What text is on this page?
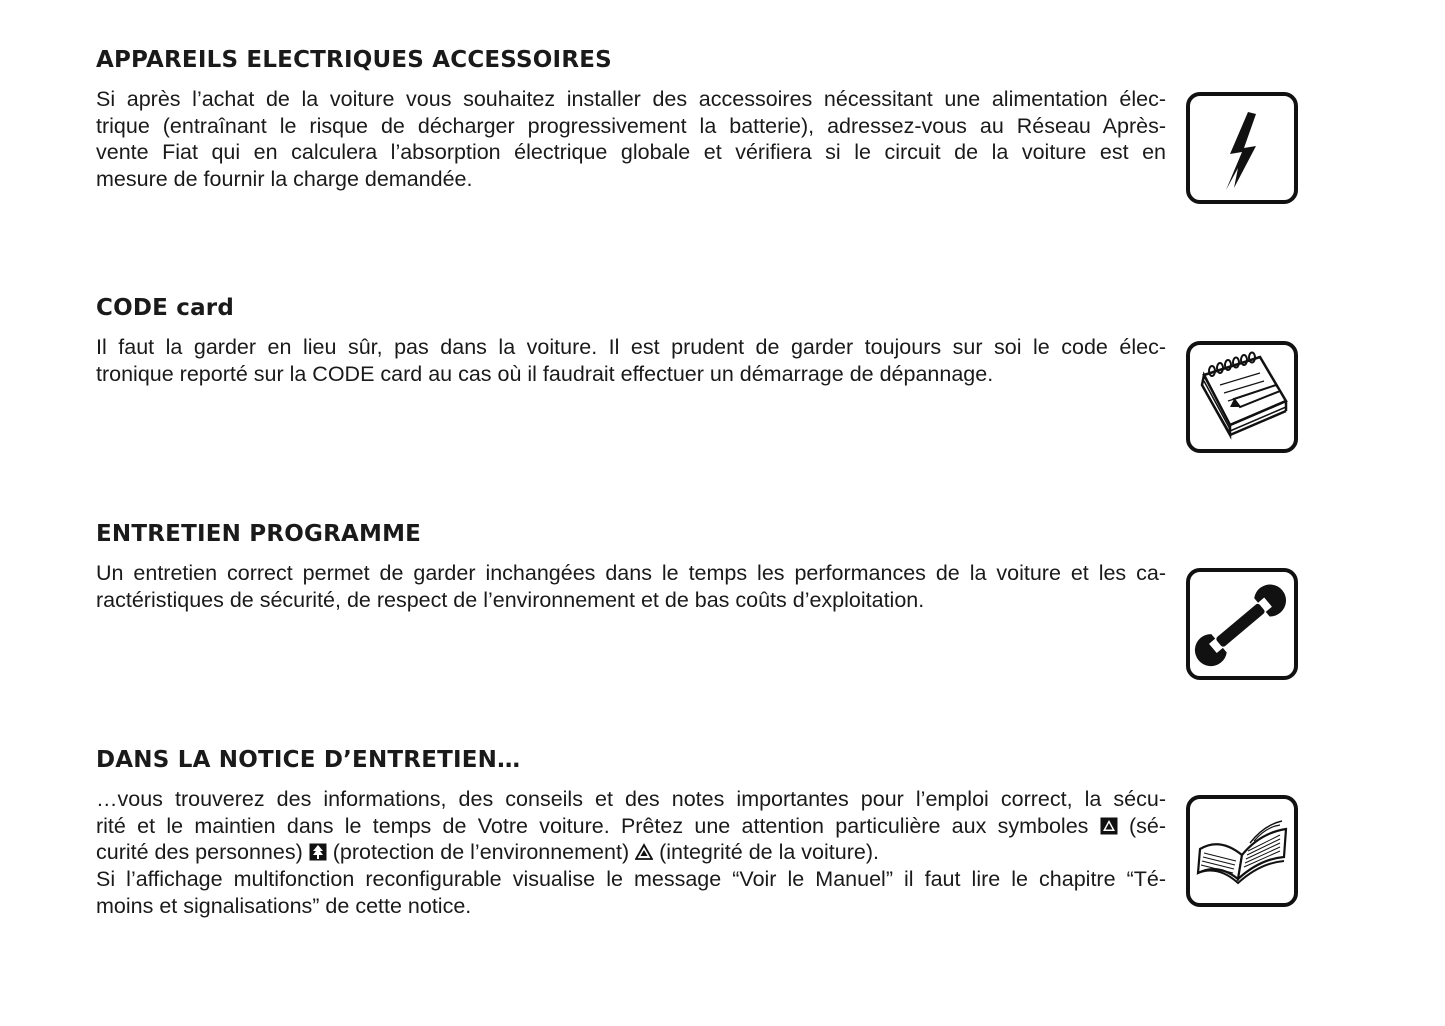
APPAREILS ELECTRIQUES ACCESSOIRES

Si après l’achat de la voiture vous souhaitez installer des accessoires nécessitant une alimentation élec-
trique (entraînant le risque de décharger progressivement la batterie), adressez-vous au Réseau Après-
vente Fiat qui en calculera l’absorption électrique globale et vérifiera si le circuit de la voiture est en
mesure de fournir la charge demandée.

CODE card

Il faut la garder en lieu sûr, pas dans la voiture. Il est prudent de garder toujours sur soi le code élec-
tronique reporté sur la CODE card au cas où il faudrait effectuer un démarrage de dépannage.

ENTRETIEN PROGRAMME

Un entretien correct permet de garder inchangées dans le temps les performances de la voiture et les ca-
ractéristiques de sécurité, de respect de l’environnement et de bas coûts d’exploitation.

DANS LA NOTICE D’ENTRETIEN…

…vous trouverez des informations, des conseils et des notes importantes pour l’emploi correct, la sécu-
rité et le maintien dans le temps de Votre voiture. Prêtez une attention particulière aux symboles (sé-
curité des personnes) (protection de l’environnement) (integrité de la voiture).
Si l’affichage multifonction reconfigurable visualise le message “Voir le Manuel” il faut lire le chapitre “Té-
moins et signalisations” de cette notice.
